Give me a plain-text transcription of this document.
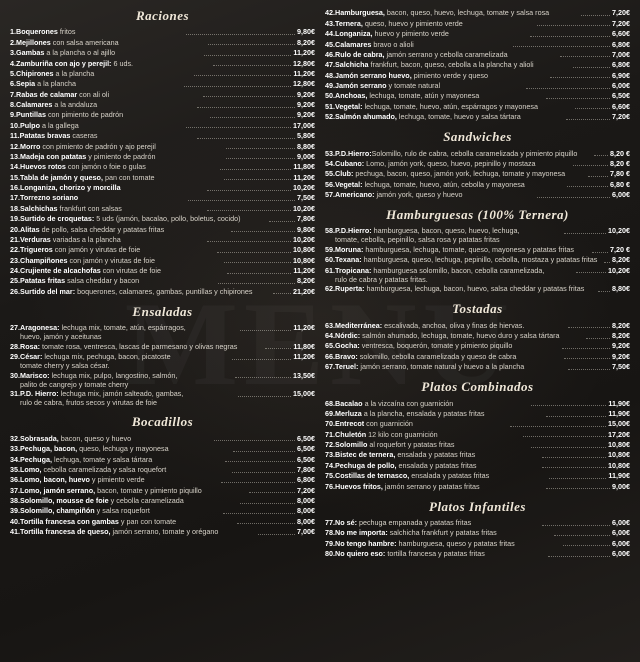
Raciones
1.Boquerones fritos	9,80€
2.Mejillones con salsa americana	8,20€
3.Gambas a la plancha o al ajillo	11,20€
4.Zamburiña con ajo y perejil: 6 uds.	12,80€
5.Chipirones a la plancha	11,20€
6.Sepia a la plancha	12,80€
7.Rabas de calamar con ali oli	9,20€
8.Calamares a la andaluza	9,20€
9.Puntillas con pimiento de padrón	9,20€
10.Pulpo a la gallega	17,00€
11.Patatas bravas caseras	5,80€
12.Morro con pimiento de padrón y ajo perejil	8,80€
13.Madeja con patatas y pimiento de padrón	9,00€
14.Huevos rotos con jamón o foie o gulas	11,80€
15.Tabla de jamón y queso, pan con tomate	11,20€
16.Longaniza, chorizo y morcilla	10,20€
17.Torrezno soriano	7,50€
18.Salchichas frankfurt con salsas	10,20€
19.Surtido de croquetas: 5 uds (jamón, bacalao, pollo, boletus, cocido)	7,80€
20.Alitas de pollo, salsa cheddar y patatas fritas	9,80€
21.Verduras variadas a la plancha	10,20€
22.Trigueros con jamón y virutas de foie	10,80€
23.Champiñones con jamón y virutas de foie	10,80€
24.Crujiente de alcachofas con virutas de foie	11,20€
25.Patatas fritas salsa cheddar y bacon	8,20€
26.Surtido del mar: boquerones, calamares, gambas, puntillas y chipirones	21,20€
Ensaladas
27.Aragonesa: lechuga mix, tomate, atún, espárragos,	11,20€
huevo, jamón y aceitunas
28.Rosa: tomate rosa, ventresca, lascas de parmesano y olivas negras	11,80€
29.César: lechuga mix, pechuga, bacon, picatoste	11,20€
tomate cherry y salsa césar.
30.Marisco: lechuga mix, pulpo, langostino, salmón,	13,50€
palito de cangrejo y tomate cherry
31.P.D. Hierro: lechuga mix, jamón salteado, gambas,	15,00€
rulo de cabra, frutos secos y virutas de foie
Bocadillos
32.Sobrasada, bacon, queso y huevo	6,50€
33.Pechuga, bacon, queso, lechuga y mayonesa	6,50€
34.Pechuga, lechuga, tomate y salsa tártara	6,50€
35.Lomo, cebolla caramelizada y salsa roquefort	7,80€
36.Lomo, bacon, huevo y pimiento verde	6,80€
37.Lomo, jamón serrano, bacon, tomate y pimiento piquillo	7,20€
38.Solomillo, mousse de foie y cebolla caramelizada	8,00€
39.Solomillo, champiñón y salsa roquefort	8,00€
40.Tortilla francesa con gambas y pan con tomate	8,00€
41.Tortilla francesa de queso, jamón serrano, tomate y orégano	7,00€
42.Hamburguesa, bacon, queso, huevo, lechuga, tomate y salsa rosa	7,20€
43.Ternera, queso, huevo y pimiento verde	7,20€
44.Longaniza, huevo y pimiento verde	6,60€
45.Calamares bravo o alioli	6,80€
46.Rulo de cabra, jamón serrano y cebolla caramelizada	7,00€
47.Salchicha frankfurt, bacon, queso, cebolla a la plancha y alioli	6,80€
48.Jamón serrano huevo, pimiento verde y queso	6,90€
49.Jamón serrano y tomate natural	6,00€
50.Anchoas, lechuga, tomate, atún y mayonesa	6,50€
51.Vegetal: lechuga, tomate, huevo, atún, espárragos y mayonesa	6,60€
52.Salmón ahumado, lechuga, tomate, huevo y salsa tártara	7,20€
Sandwiches
53.P.D.Hierro:Solomillo, rulo de cabra, cebolla caramelizada y pimiento piquillo	8,20 €
54.Cubano: Lomo, jamón york, queso, huevo, pepinillo y mostaza	8,20 €
55.Club: pechuga, bacon, queso, jamón york, lechuga, tomate y mayonesa	7,80 €
56.Vegetal: lechuga, tomate, huevo, atún, cebolla y mayonesa	6,80 €
57.Americano: jamón york, queso y huevo	6,00€
Hamburguesas (100% Ternera)
58.P.D.Hierro: hamburguesa, bacon, queso, huevo, lechuga,	10,20€
tomate, cebolla, pepinillo, salsa rosa y patatas fritas
59.Moruna: hamburguesa, lechuga, tomate, queso, mayonesa y patatas fritas	7,20 €
60.Texana: hamburguesa, queso, lechuga, pepinillo, cebolla, mostaza y patatas fritas	8,20€
61.Tropicana: hamburguesa solomillo, bacon, cebolla caramelizada,	10,20€
rulo de cabra y patatas fritas.
62.Ruperta: hamburguesa, lechuga, bacon, huevo, salsa cheddar y patatas fritas	8,80€
Tostadas
63.Mediterránea: escalivada, anchoa, oliva y finas de hiervas.	8,20€
64.Nórdic: salmón ahumado, lechuga, tomate, huevo duro y salsa tártara	8,20€
65.Gocha: ventresca, boquerón, tomate y pimiento piquillo	9,20€
66.Bravo: solomillo, cebolla caramelizada y queso de cabra	9,20€
67.Teruel: jamón serrano, tomate natural y huevo a la plancha	7,50€
Platos Combinados
68.Bacalao a la vizcaína con guarnición	11,90€
69.Merluza a la plancha, ensalada y patatas fritas	11,90€
70.Entrecot con guarnición	15,00€
71.Chuletón 12 kilo con guarnición	17,20€
72.Solomillo al roquefort y patatas fritas	10,80€
73.Bistec de ternera, ensalada y patatas fritas	10,80€
74.Pechuga de pollo, ensalada y patatas fritas	10,80€
75.Costillas de ternasco, ensalada y patatas fritas	11,90€
76.Huevos fritos, jamón serrano y patatas fritas	9,00€
Platos Infantiles
77.No sé: pechuga empanada y patatas fritas	6,00€
78.No me importa: salchicha frankfurt y patatas fritas	6,00€
79.No tengo hambre: hamburguesa, queso y patatas fritas	6,00€
80.No quiero eso: tortilla francesa y patatas fritas	6,00€
